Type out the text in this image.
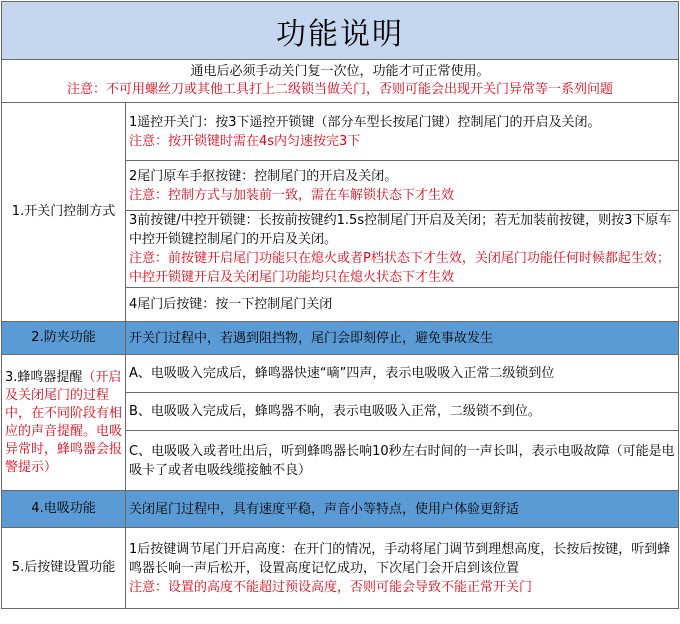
功能说明
通电后必须手动关门复一次位，功能才可正常使用。
注意：不可用螺丝刀或其他工具打上二级锁当做关门，否则可能会出现开关门异常等一系列问题
1.开关门控制方式
1遥控开关门：按3下遥控开锁键（部分车型长按尾门键）控制尾门的开启及关闭。
注意：按开锁键时需在4s内匀速按完3下
2尾门原车手抠按键：控制尾门的开启及关闭。
注意：控制方式与加装前一致，需在车解锁状态下才生效
3前按键/中控开锁键：长按前按键约1.5s控制尾门开启及关闭；若无加装前按键，则按3下原车中控开锁键控制尾门的开启及关闭。
注意：前按键开启尾门功能只在熄火或者P档状态下才生效，关闭尾门功能任何时候都起生效；中控开锁键开启及关闭尾门功能均只在熄火状态下才生效
4尾门后按键：按一下控制尾门关闭
2.防夹功能	开关门过程中，若遇到阻挡物，尾门会即刻停止，避免事故发生
3.蜂鸣器提醒（开启及关闭尾门的过程中，在不同阶段有相应的声音提醒。电吸异常时，蜂鸣器会报警提示）
A、电吸吸入完成后，蜂鸣器快速“嘀”四声，表示电吸吸入正常二级锁到位
B、电吸吸入完成后，蜂鸣器不响，表示电吸吸入正常，二级锁不到位。
C、电吸吸入或者吐出后，听到蜂鸣器长响10秒左右时间的一声长叫，表示电吸故障（可能是电吸卡了或者电吸线缆接触不良）
4.电吸功能	关闭尾门过程中，具有速度平稳，声音小等特点，使用户体验更舒适
5.后按键设置功能
1后按键调节尾门开启高度：在开门的情况，手动将尾门调节到理想高度，长按后按键，听到蜂鸣器长响一声后松开，设置高度记忆成功，下次尾门会开启到该位置
注意：设置的高度不能超过预设高度，否则可能会导致不能正常开关门
